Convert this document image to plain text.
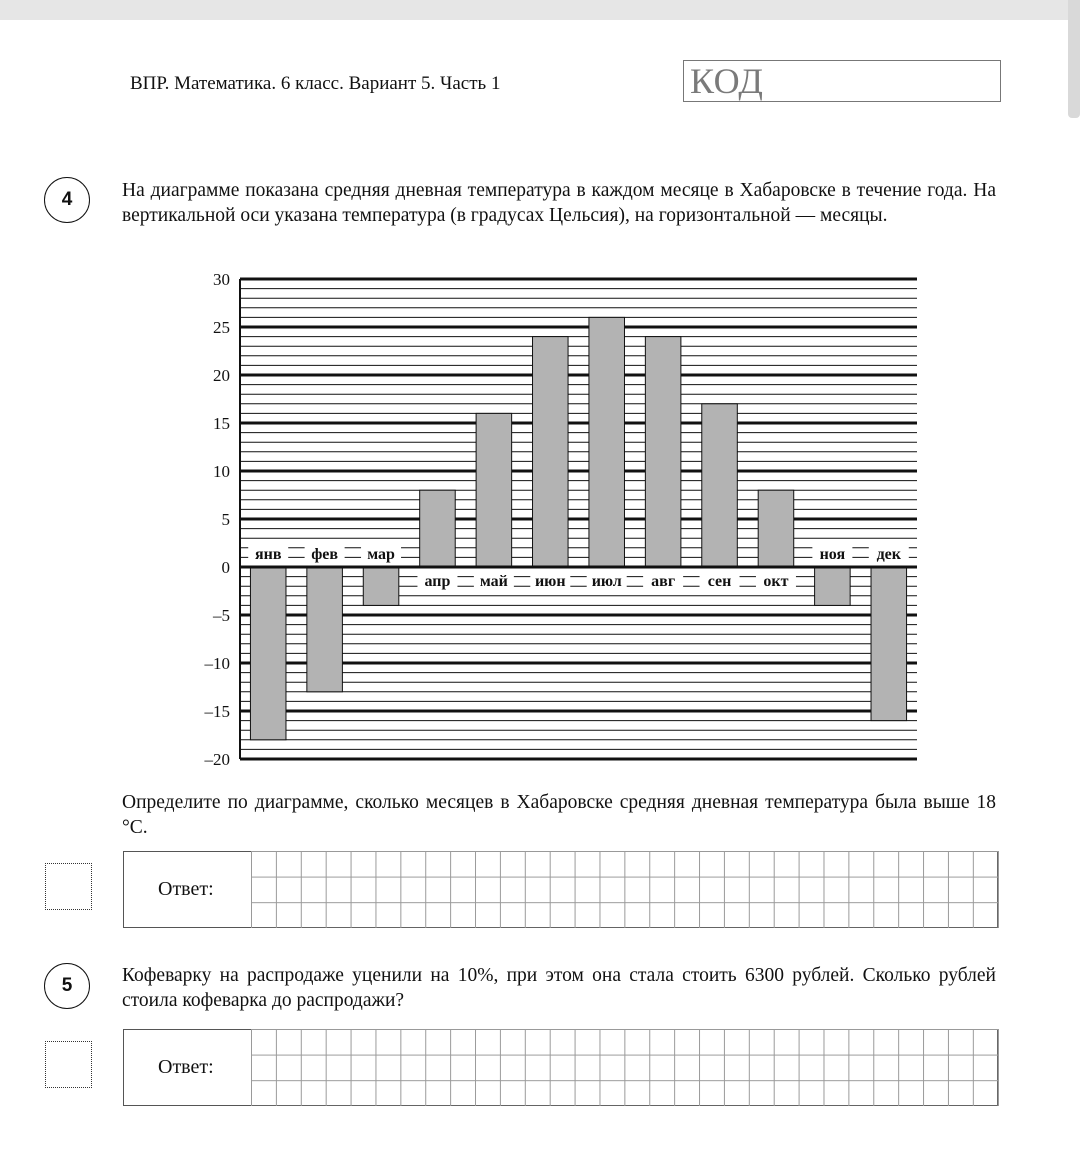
ВПР. Математика. 6 класс. Вариант 5. Часть 1	КОД
4	На диаграмме показана средняя дневная температура в каждом месяце в Хабаровске в течение года. На вертикальной оси указана температура (в градусах Цельсия), на горизонтальной — месяцы.
30
25
20
15
10
5
0
–5
–10
–15
–20
янв фев мар
апр май июн июл авг сен окт
ноя дек
Определите по диаграмме, сколько месяцев в Хабаровске средняя дневная температура была выше 18 °C.
Ответ:
5	Кофеварку на распродаже уценили на 10%, при этом она стала стоить 6300 рублей. Сколько рублей стоила кофеварка до распродажи?
Ответ:
